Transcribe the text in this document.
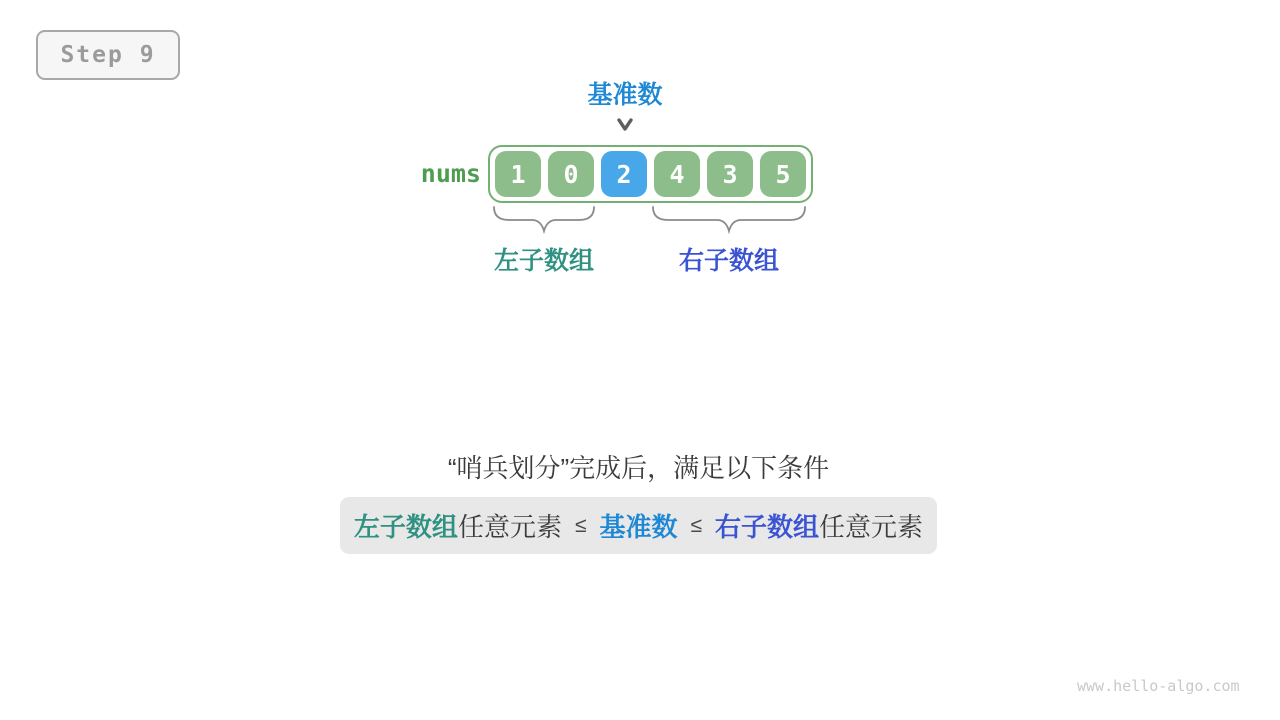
Step 9
基准数
nums	1	0	2	4	3	5
左子数组	右子数组
“哨兵划分”完成后，满足以下条件
左子数组 任意元素 ≤ 基准数 ≤ 右子数组 任意元素
www.hello-algo.com
